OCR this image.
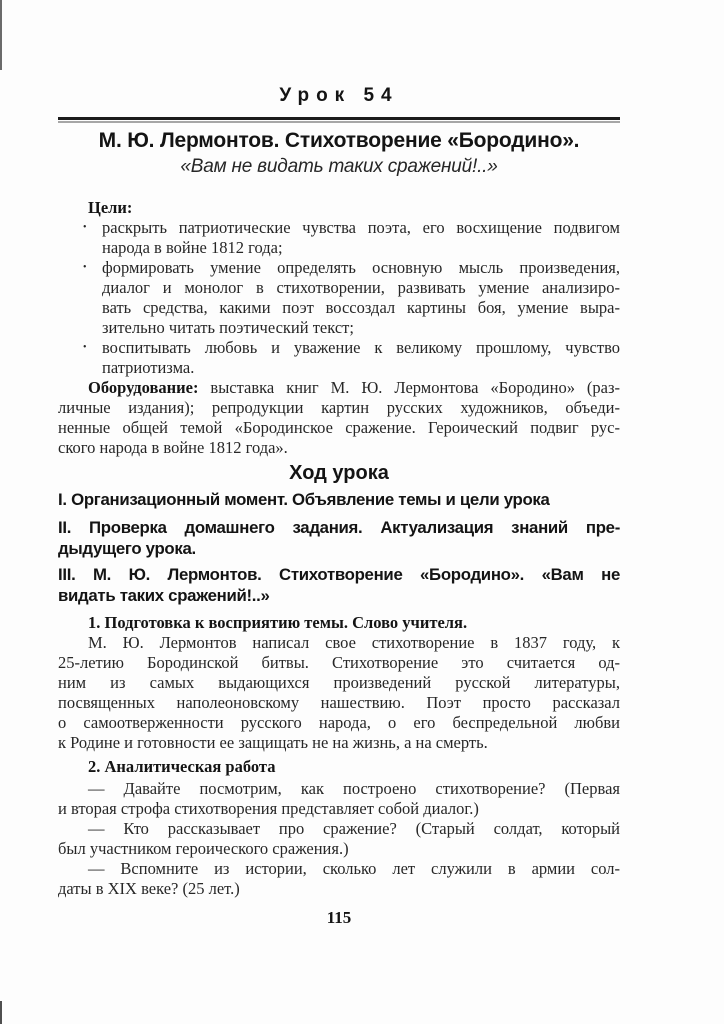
Урок 54
М. Ю. Лермонтов. Стихотворение «Бородино».
«Вам не видать таких сражений!..»
Цели:
• раскрыть патриотические чувства поэта, его восхищение подвигом
народа в войне 1812 года;
• формировать умение определять основную мысль произведения,
диалог и монолог в стихотворении, развивать умение анализиро-
вать средства, какими поэт воссоздал картины боя, умение выра-
зительно читать поэтический текст;
• воспитывать любовь и уважение к великому прошлому, чувство
патриотизма.
Оборудование: выставка книг М. Ю. Лермонтова «Бородино» (раз-
личные издания); репродукции картин русских художников, объеди-
ненные общей темой «Бородинское сражение. Героический подвиг рус-
ского народа в войне 1812 года».
Ход урока
I. Организационный момент. Объявление темы и цели урока
II. Проверка домашнего задания. Актуализация знаний пре-
дыдущего урока.
III. М. Ю. Лермонтов. Стихотворение «Бородино». «Вам не
видать таких сражений!..»
1. Подготовка к восприятию темы. Слово учителя.
М. Ю. Лермонтов написал свое стихотворение в 1837 году, к
25-летию Бородинской битвы. Стихотворение это считается од-
ним из самых выдающихся произведений русской литературы,
посвященных наполеоновскому нашествию. Поэт просто рассказал
о самоотверженности русского народа, о его беспредельной любви
к Родине и готовности ее защищать не на жизнь, а на смерть.
2. Аналитическая работа
— Давайте посмотрим, как построено стихотворение? (Первая
и вторая строфа стихотворения представляет собой диалог.)
— Кто рассказывает про сражение? (Старый солдат, который
был участником героического сражения.)
— Вспомните из истории, сколько лет служили в армии сол-
даты в XIX веке? (25 лет.)
115
